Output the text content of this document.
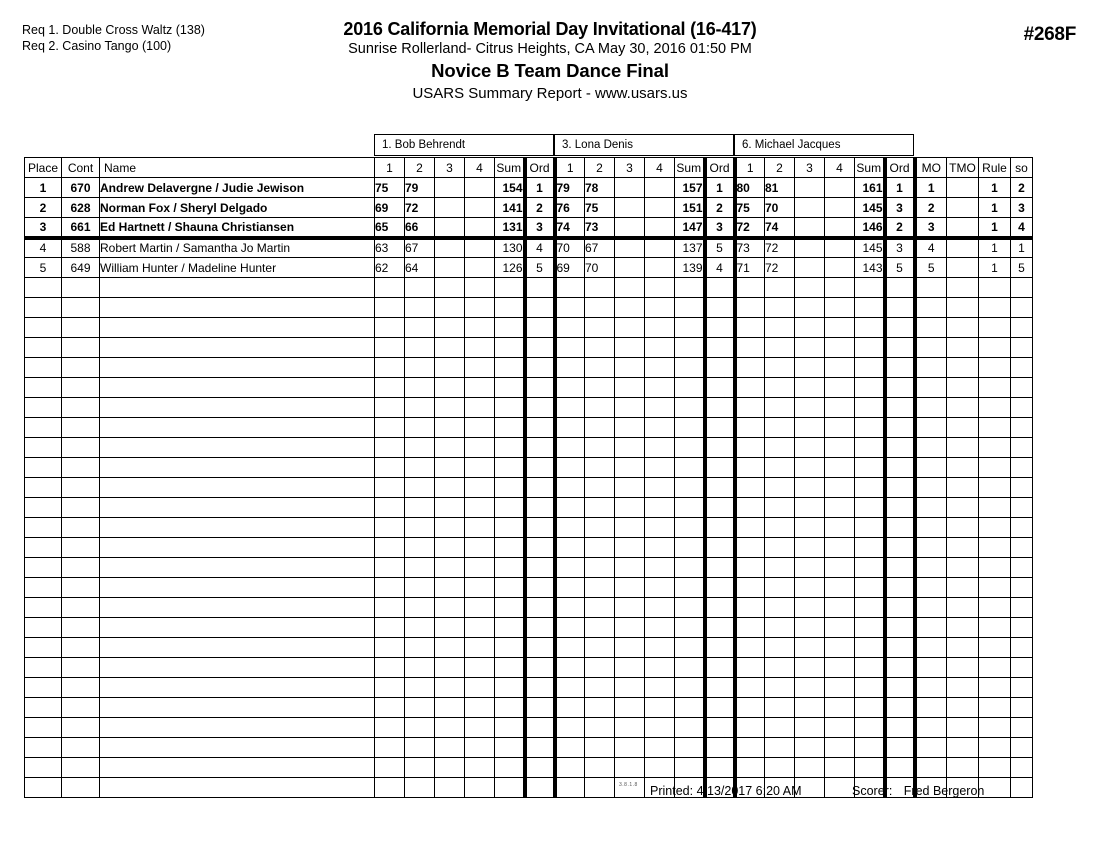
Req 1. Double Cross Waltz (138)
Req 2. Casino Tango (100)
2016 California Memorial Day Invitational (16-417)
Sunrise Rollerland- Citrus Heights, CA May 30, 2016 01:50 PM
Novice B Team Dance Final
USARS Summary Report - www.usars.us
#268F
1. Bob Behrendt	3. Lona Denis	6. Michael Jacques
Place	Cont	Name	1	2	3	4	Sum	Ord	1	2	3	4	Sum	Ord	1	2	3	4	Sum	Ord	MO	TMO	Rule	so
1	670	Andrew Delavergne / Judie Jewison	75	79			154	1	79	78			157	1	80	81			161	1	1		1	2
2	628	Norman Fox / Sheryl Delgado	69	72			141	2	76	75			151	2	75	70			145	3	2		1	3
3	661	Ed Hartnett / Shauna Christiansen	65	66			131	3	74	73			147	3	72	74			146	2	3		1	4
4	588	Robert Martin / Samantha Jo Martin	63	67			130	4	70	67			137	5	73	72			145	3	4		1	1
5	649	William Hunter / Madeline Hunter	62	64			126	5	69	70			139	4	71	72			143	5	5		1	5

3.8.1.8 Printed: 4/13/2017 6:20 AM	Scorer: Fred Bergeron
